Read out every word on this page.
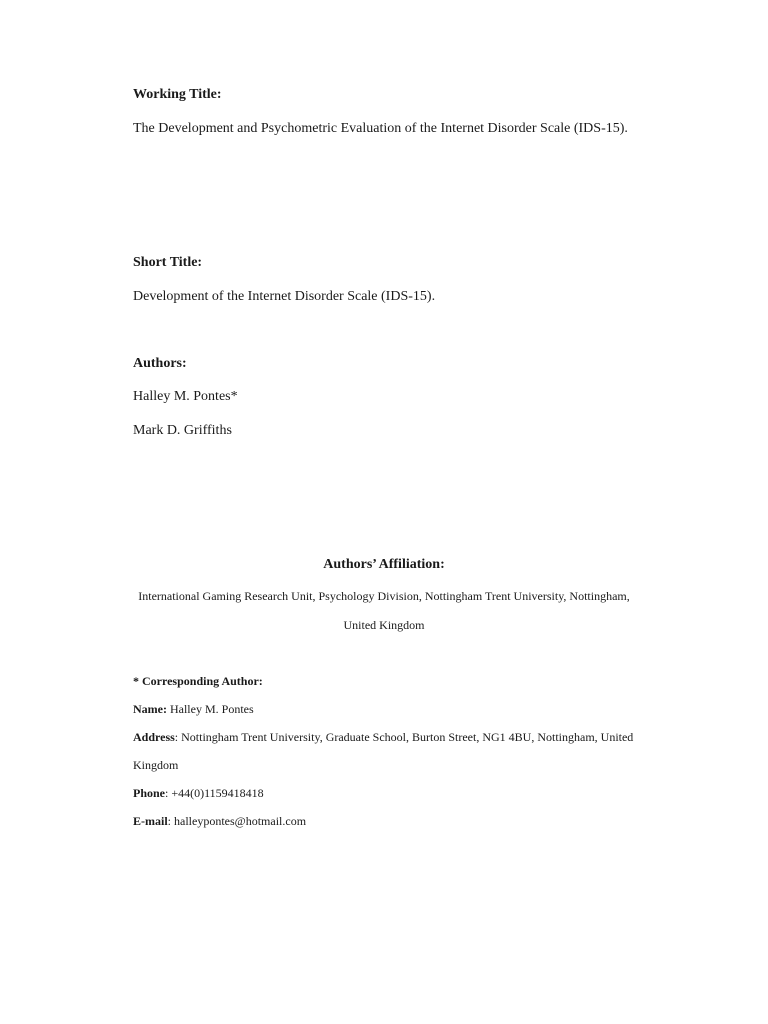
Working Title:
The Development and Psychometric Evaluation of the Internet Disorder Scale (IDS-15).
Short Title:
Development of the Internet Disorder Scale (IDS-15).
Authors:
Halley M. Pontes*
Mark D. Griffiths
Authors’ Affiliation:
International Gaming Research Unit, Psychology Division, Nottingham Trent University, Nottingham,
United Kingdom
* Corresponding Author:
Name: Halley M. Pontes
Address: Nottingham Trent University, Graduate School, Burton Street, NG1 4BU, Nottingham, United
Kingdom
Phone: +44(0)1159418418
E-mail: halleypontes@hotmail.com
